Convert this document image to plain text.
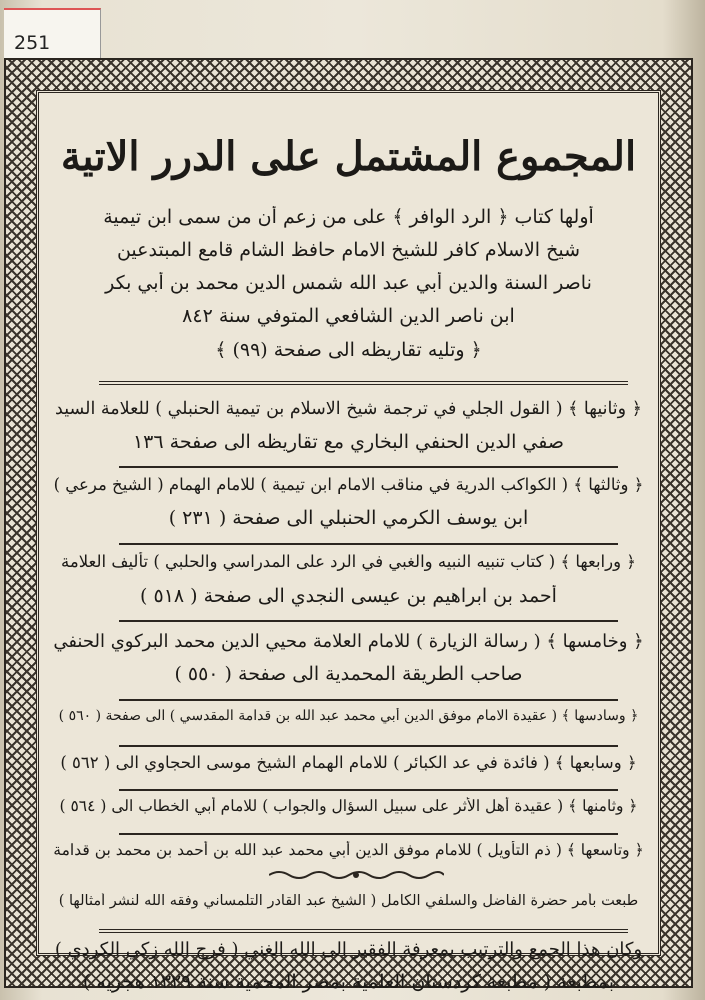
251
المجموع المشتمل على الدرر الاتية
أولها كتاب ﴿ الرد الوافر ﴾ على من زعم أن من سمى ابن تيمية
شيخ الاسلام كافر للشيخ الامام حافظ الشام قامع المبتدعين
ناصر السنة والدين أبي عبد الله شمس الدين محمد بن أبي بكر
ابن ناصر الدين الشافعي المتوفي سنة ٨٤٢
﴿ وتليه تقاريظه الى صفحة (٩٩) ﴾
﴿ وثانيها ﴾ ( القول الجلي في ترجمة شيخ الاسلام بن تيمية الحنبلي ) للعلامة السيد
صفي الدين الحنفي البخاري مع تقاريظه الى صفحة ١٣٦
﴿ وثالثها ﴾ ( الكواكب الدرية في مناقب الامام ابن تيمية ) للامام الهمام ( الشيخ مرعي )
ابن يوسف الكرمي الحنبلي الى صفحة ( ٢٣١ )
﴿ ورابعها ﴾ ( كتاب تنبيه النبيه والغبي في الرد على المدراسي والحلبي ) تأليف العلامة
أحمد بن ابراهيم بن عيسى النجدي الى صفحة ( ٥١٨ )
﴿ وخامسها ﴾ ( رسالة الزيارة ) للامام العلامة محيي الدين محمد البركوي الحنفي
صاحب الطريقة المحمدية الى صفحة ( ٥٥٠ )
﴿ وسادسها ﴾ ( عقيدة الامام موفق الدين أبي محمد عبد الله بن قدامة المقدسي ) الى صفحة ( ٥٦٠ )
﴿ وسابعها ﴾ ( فائدة في عد الكبائر ) للامام الهمام الشيخ موسى الحجاوي الى ( ٥٦٢ )
﴿ وثامنها ﴾ ( عقيدة أهل الأثر على سبيل السؤال والجواب ) للامام أبي الخطاب الى ( ٥٦٤ )
﴿ وتاسعها ﴾ ( ذم التأويل ) للامام موفق الدين أبي محمد عبد الله بن أحمد بن محمد بن قدامة
طبعت بأمر حضرة الفاضل والسلفي الكامل ( الشيخ عبد القادر التلمساني وفقه الله لنشر أمثالها )
وكان هذا الجمع والترتيب بمعرفة الفقير الى الله الغني ( فرج الله زكي الكردي )
بمطبعة ( مطبعة كردستان العلمية بمصر المحمية سنة ١٣٢٩ هجريه )
